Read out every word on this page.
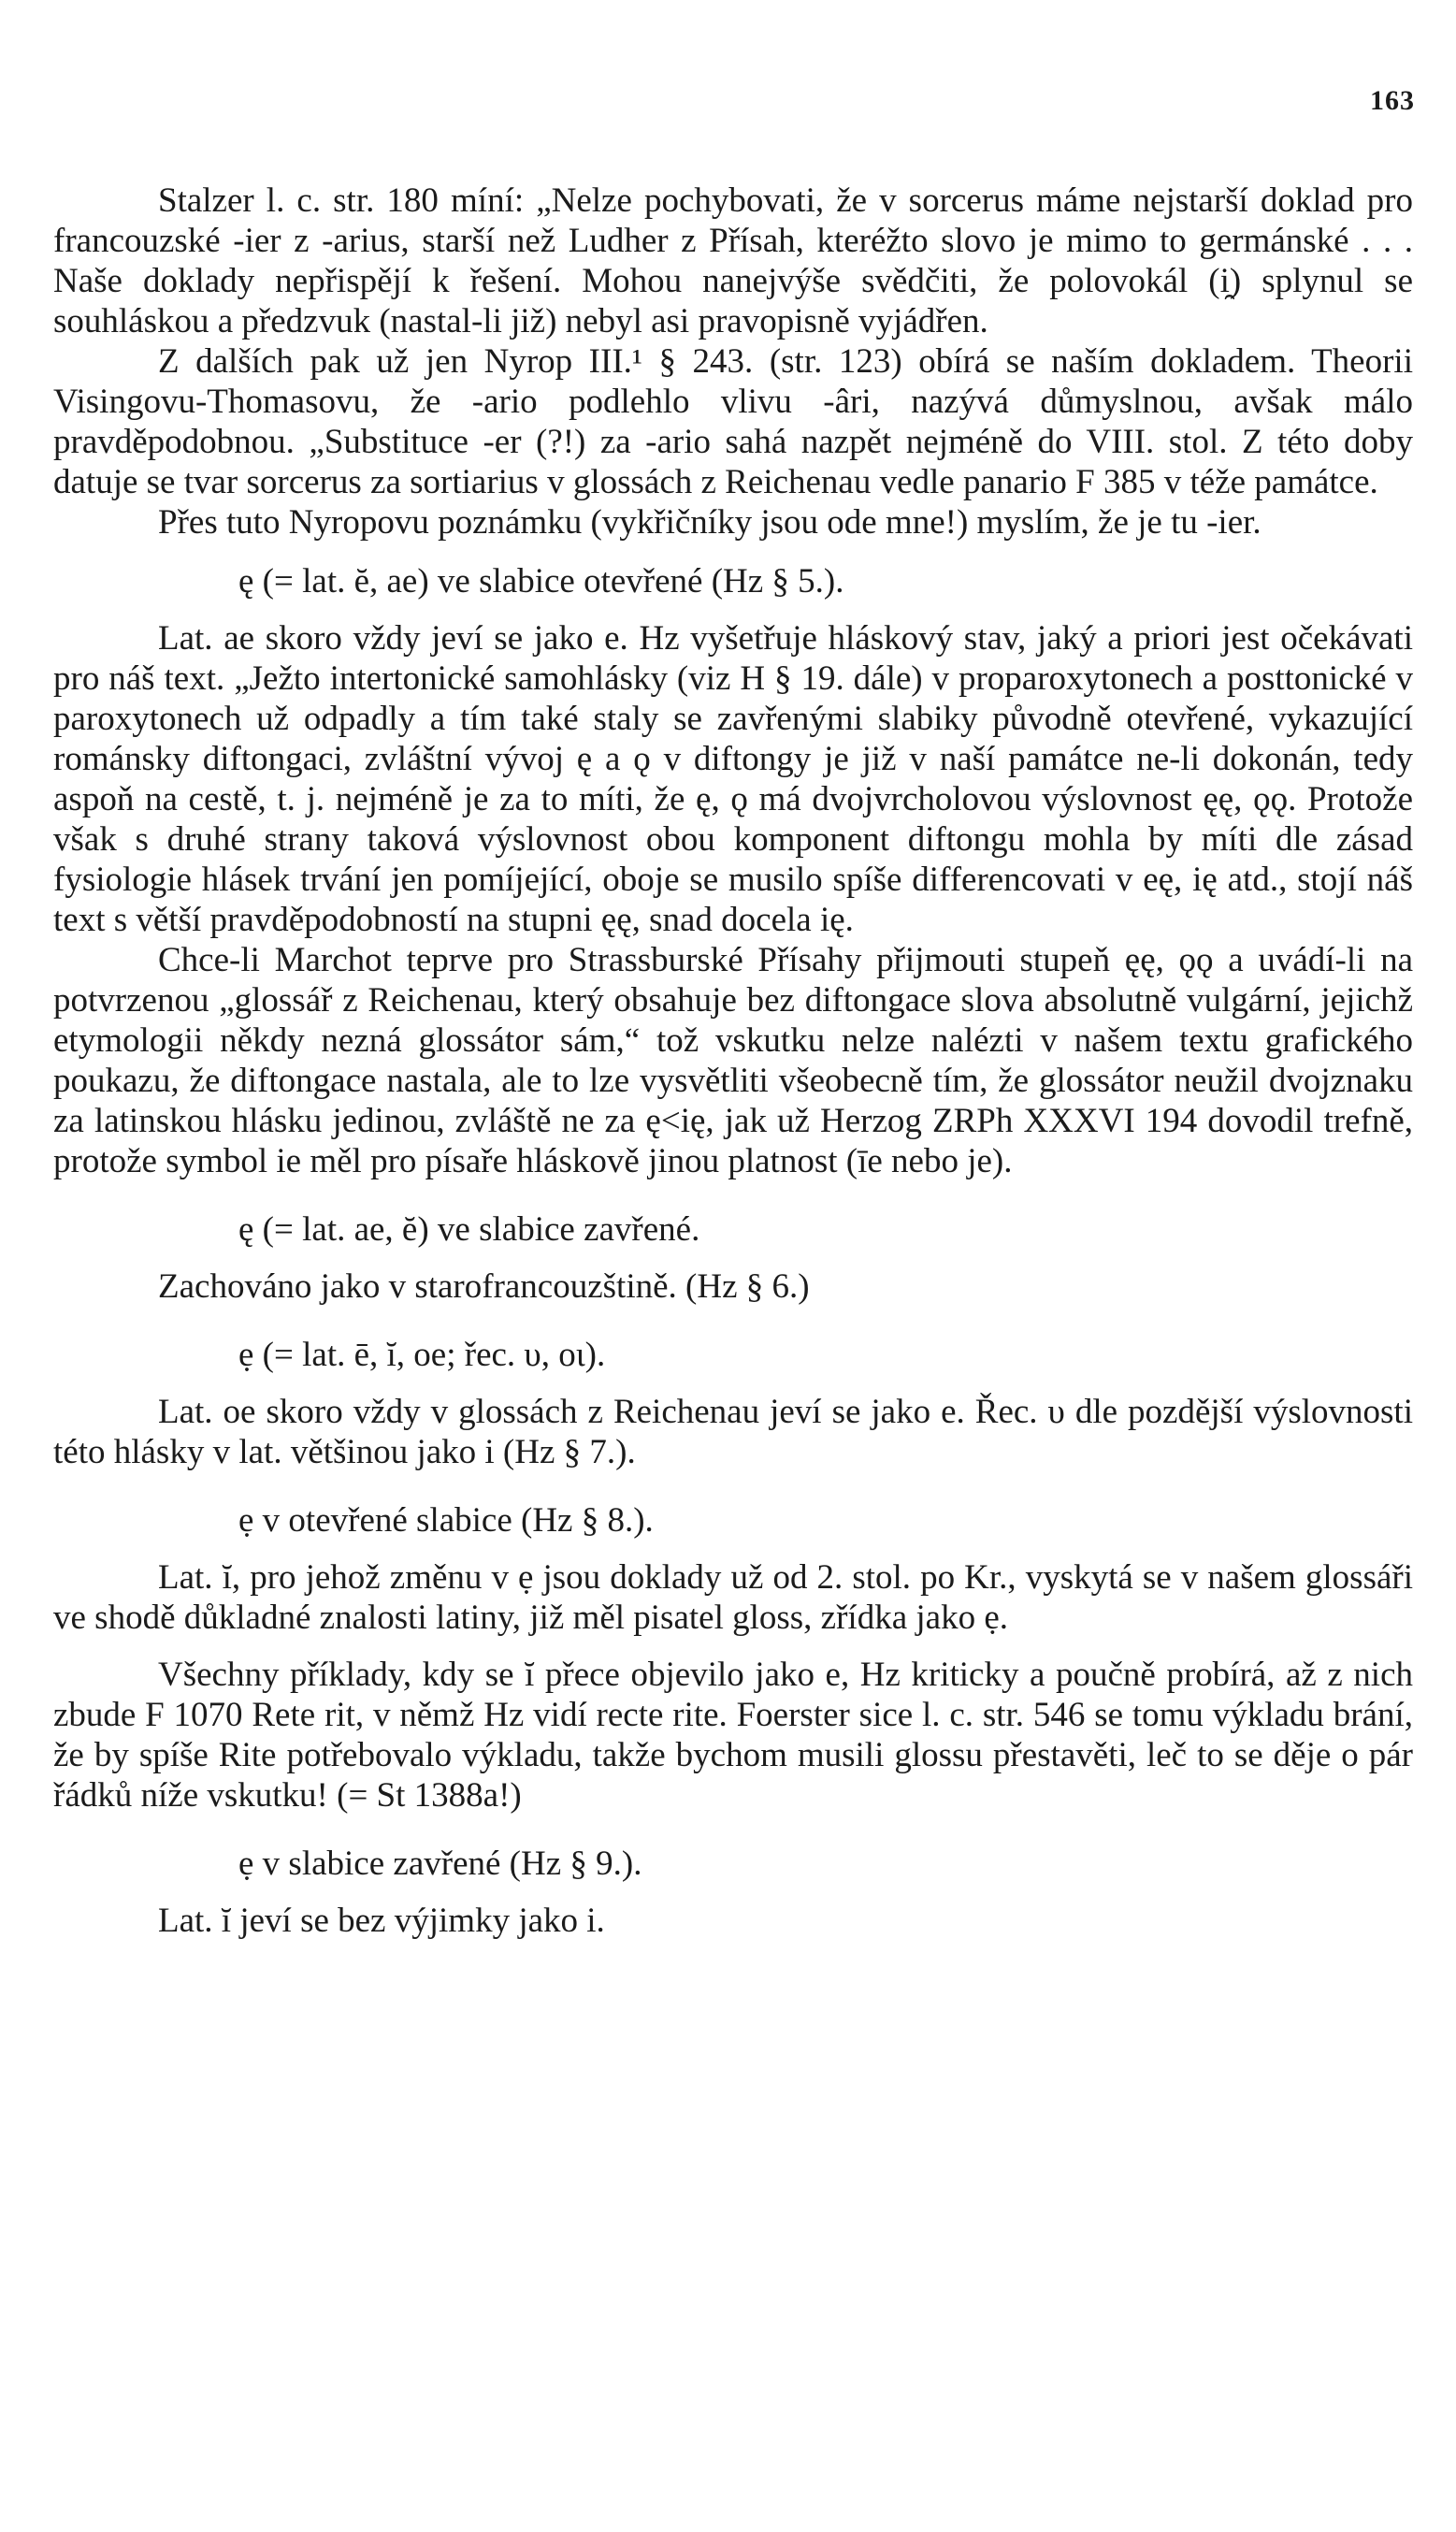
163

Stalzer l. c. str. 180 míní: „Nelze pochybovati, že v sorcerus máme nejstarší doklad pro francouzské -ier z -arius, starší než Ludher z Přísah, kteréžto slovo je mimo to germánské . . . Naše doklady nepřispějí k řešení. Mohou nanejvýše svědčiti, že polovokál (i̯) splynul se souhláskou a předzvuk (nastal-li již) nebyl asi pravopisně vyjádřen.

Z dalších pak už jen Nyrop III.¹ § 243. (str. 123) obírá se naším dokladem. Theorii Visingovu-Thomasovu, že -ario podlehlo vlivu -âri, nazývá důmyslnou, avšak málo pravděpodobnou. „Substituce -er (?!) za -ario sahá nazpět nejméně do VIII. stol. Z této doby datuje se tvar sorcerus za sortiarius v glossách z Reichenau vedle panario F 385 v téže památce.

Přes tuto Nyropovu poznámku (vykřičníky jsou ode mne!) myslím, že je tu -ier.

ę (= lat. ĕ, ae) ve slabice otevřené (Hz § 5.).

Lat. ae skoro vždy jeví se jako e. Hz vyšetřuje hláskový stav, jaký a priori jest očekávati pro náš text. „Ježto intertonické samohlásky (viz H § 19. dále) v proparoxytonech a posttonické v paroxytonech už odpadly a tím také staly se zavřenými slabiky původně otevřené, vykazující románsky diftongaci, zvláštní vývoj ę a ǫ v diftongy je již v naší památce ne-li dokonán, tedy aspoň na cestě, t. j. nejméně je za to míti, že ę, ǫ má dvojvrcholovou výslovnost ęę, ǫǫ. Protože však s druhé strany taková výslovnost obou komponent diftongu mohla by míti dle zásad fysiologie hlásek trvání jen pomíjející, oboje se musilo spíše differencovati v eę, ię atd., stojí náš text s větší pravděpodobností na stupni ęę, snad docela ię.

Chce-li Marchot teprve pro Strassburské Přísahy přijmouti stupeň ęę, ǫǫ a uvádí-li na potvrzenou „glossář z Reichenau, který obsahuje bez diftongace slova absolutně vulgární, jejichž etymologii někdy nezná glossátor sám,“ tož vskutku nelze nalézti v našem textu grafického poukazu, že diftongace nastala, ale to lze vysvětliti všeobecně tím, že glossátor neužil dvojznaku za latinskou hlásku jedinou, zvláště ne za ę<ię, jak už Herzog ZRPh XXXVI 194 dovodil trefně, protože symbol ie měl pro písaře hláskově jinou platnost (īe nebo je).

ę (= lat. ae, ĕ) ve slabice zavřené.

Zachováno jako v starofrancouzštině. (Hz § 6.)

ẹ (= lat. ē, ĭ, oe; řec. υ, οι).

Lat. oe skoro vždy v glossách z Reichenau jeví se jako e. Řec. υ dle pozdější výslovnosti této hlásky v lat. většinou jako i (Hz § 7.).

ẹ v otevřené slabice (Hz § 8.).

Lat. ĭ, pro jehož změnu v ẹ jsou doklady už od 2. stol. po Kr., vyskytá se v našem glossáři ve shodě důkladné znalosti latiny, již měl pisatel gloss, zřídka jako ẹ.

Všechny příklady, kdy se ĭ přece objevilo jako e, Hz kriticky a poučně probírá, až z nich zbude F 1070 Rete rit, v němž Hz vidí recte rite. Foerster sice l. c. str. 546 se tomu výkladu brání, že by spíše Rite potřebovalo výkladu, takže bychom musili glossu přestavěti, leč to se děje o pár řádků níže vskutku! (= St 1388a!)

ẹ v slabice zavřené (Hz § 9.).

Lat. ĭ jeví se bez výjimky jako i.
